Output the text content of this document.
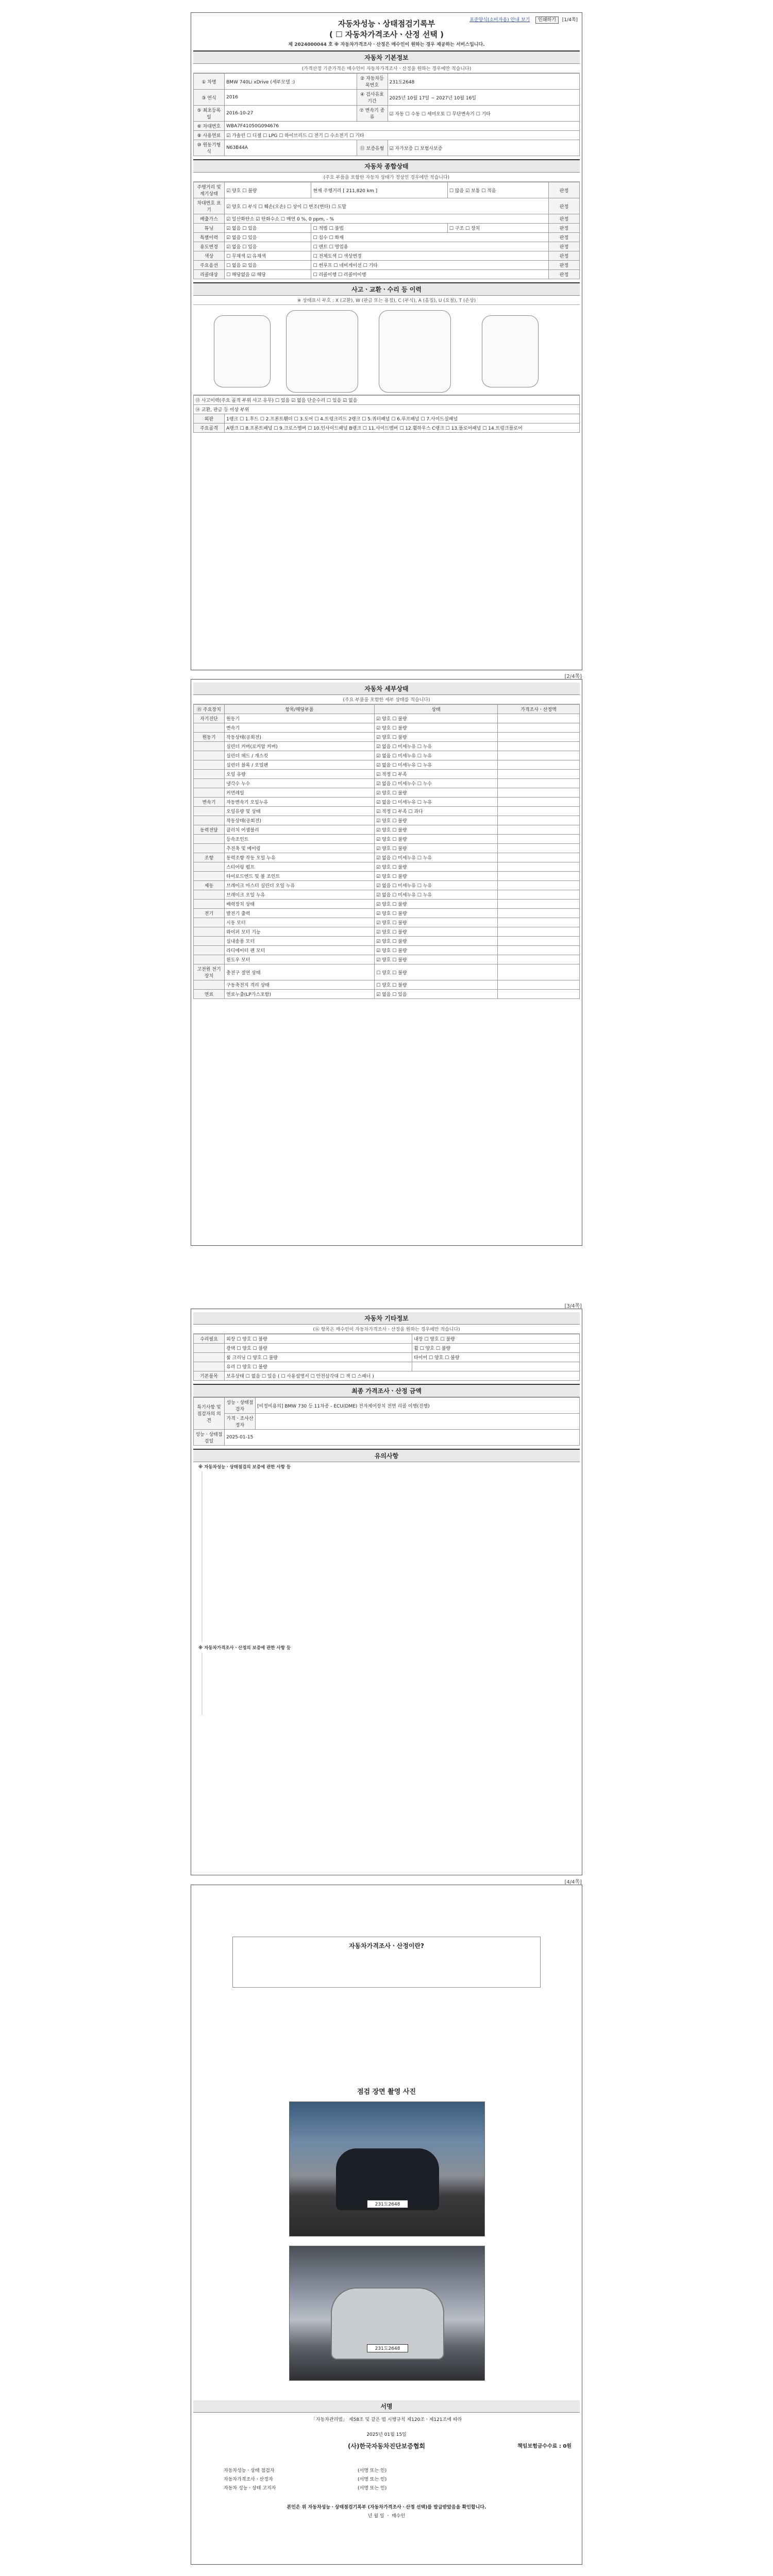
표준양식(소비자용) 안내 보기 인쇄하기 [1/4쪽]
자동차성능ㆍ상태점검기록부
( ☐ 자동차가격조사ㆍ산정 선택 )
제 2024000044 호 ※ 자동차가격조사ㆍ산정은 매수인이 원하는 경우 제공하는 서비스입니다.
자동차 기본정보
(가격산정 기준가격은 매수인이 자동차가격조사ㆍ산정을 원하는 경우에만 적습니다)
① 차명	BMW 740Li xDrive (세부모델 :)	② 자동차등록번호	231도2648
③ 연식	2016	④ 검사유효기간	2025년 10월 17일 ~ 2027년 10월 16일
⑤ 최초등록일	2016-10-27	⑦ 변속기 종류	☑ 자동 ☐ 수동 ☐ 세미오토 ☐ 무단변속기 ☐ 기타
⑥ 차대번호	WBA7F41050G094676		
⑧ 사용연료	☑ 가솔린 ☐ 디젤 ☐ LPG ☐ 하이브리드 ☐ 전기 ☐ 수소전기 ☐ 기타		
⑩ 원동기형식	N63B44A	⑪ 보증유형	☑ 자가보증 ☐ 보험사보증
자동차 종합상태
(주요 부품을 포함한 자동차 상태가 정상인 경우에만 적습니다)
주행거리 및 계기상태	☑ 양호 ☐ 불량	현재 주행거리 [ 211,820 km ]	☐ 많음 ☑ 보통 ☐ 적음	판정
차대번호 표기	☑ 양호 ☐ 부식 ☐ 훼손(오손) ☐ 상이 ☐ 변조(변타) ☐ 도말			판정
배출가스	☑ 일산화탄소 ☑ 탄화수소 ☐ 매연 0 %, 0 ppm, - %			판정
튜닝	☑ 없음 ☐ 있음	☐ 적법 ☐ 불법	☐ 구조 ☐ 장치	판정
특별이력	☑ 없음 ☐ 있음	☐ 침수 ☐ 화재		판정
용도변경	☑ 없음 ☐ 있음	☐ 렌트 ☐ 영업용		판정
색상	☐ 무채색 ☑ 유채색	☐ 전체도색 ☐ 색상변경		판정
주요옵션	☐ 없음 ☑ 있음	☐ 썬루프 ☐ 네비게이션 ☐ 기타		판정
리콜대상	☐ 해당없음 ☑ 해당	☐ 리콜이행 ☐ 리콜미이행		판정
사고ㆍ교환ㆍ수리 등 이력
※ 상태표시 부호 : X (교환), W (판금 또는 용접), C (부식), A (흠집), U (요철), T (손상)
⑬ 사고이력(주요 골격 부위 사고 유무) ☐ 있음 ☑ 없음 단순수리 ☐ 있음 ☑ 없음	
⑭ 교환, 판금 등 이상 부위	
외판	1랭크 ☐ 1.후드 ☐ 2.프론트휀더 ☐ 3.도어 ☐ 4.트렁크리드 2랭크 ☐ 5.쿼터패널 ☐ 6.루프패널 ☐ 7.사이드실패널
주요골격	A랭크 ☐ 8.프론트패널 ☐ 9.크로스멤버 ☐ 10.인사이드패널 B랭크 ☐ 11.사이드멤버 ☐ 12.휠하우스 C랭크 ☐ 13.플로어패널 ☐ 14.트렁크플로어
[2/4쪽]
자동차 세부상태
(주요 부품을 포함한 세부 상태를 적습니다)
⑮ 주요장치	항목/해당부품	상태	가격조사ㆍ산정액
자기진단	원동기	☑ 양호 ☐ 불량	
	변속기	☑ 양호 ☐ 불량	
원동기	작동상태(공회전)	☑ 양호 ☐ 불량	
	실린더 커버(로커암 커버)	☑ 없음 ☐ 미세누유 ☐ 누유	
	실린더 헤드 / 개스킷	☑ 없음 ☐ 미세누유 ☐ 누유	
	실린더 블록 / 오일팬	☑ 없음 ☐ 미세누유 ☐ 누유	
	오일 유량	☑ 적정 ☐ 부족	
	냉각수 누수	☑ 없음 ☐ 미세누수 ☐ 누수	
	커먼레일	☑ 양호 ☐ 불량	
변속기	자동변속기 오일누유	☑ 없음 ☐ 미세누유 ☐ 누유	
	오일유량 및 상태	☑ 적정 ☐ 부족 ☐ 과다	
	작동상태(공회전)	☑ 양호 ☐ 불량	
동력전달	클러치 어셈블리	☑ 양호 ☐ 불량	
	등속조인트	☑ 양호 ☐ 불량	
	추진축 및 베어링	☑ 양호 ☐ 불량	
조향	동력조향 작동 오일 누유	☑ 없음 ☐ 미세누유 ☐ 누유	
	스티어링 펌프	☑ 양호 ☐ 불량	
	타이로드엔드 및 볼 조인트	☑ 양호 ☐ 불량	
제동	브레이크 마스터 실린더 오일 누유	☑ 없음 ☐ 미세누유 ☐ 누유	
	브레이크 오일 누유	☑ 없음 ☐ 미세누유 ☐ 누유	
	배력장치 상태	☑ 양호 ☐ 불량	
전기	발전기 출력	☑ 양호 ☐ 불량	
	시동 모터	☑ 양호 ☐ 불량	
	와이퍼 모터 기능	☑ 양호 ☐ 불량	
	실내송풍 모터	☑ 양호 ☐ 불량	
	라디에이터 팬 모터	☑ 양호 ☐ 불량	
	윈도우 모터	☑ 양호 ☐ 불량	
고전원 전기장치	충전구 절연 상태	☐ 양호 ☐ 불량	
	구동축전지 격리 상태	☐ 양호 ☐ 불량	
연료	연료누출(LP가스포함)	☑ 없음 ☐ 있음	
[3/4쪽]
자동차 기타정보
(⑯ 항목은 매수인이 자동차가격조사ㆍ산정을 원하는 경우에만 적습니다)
수리필요	외장 ☐ 양호 ☐ 불량	내장 ☐ 양호 ☐ 불량
	광택 ☐ 양호 ☐ 불량	휠 ☐ 양호 ☐ 불량
	룸 크리닝 ☐ 양호 ☐ 불량	타이어 ☐ 양호 ☐ 불량
	유리 ☐ 양호 ☐ 불량	
기본품목	보유상태 ☐ 없음 ☐ 있음 ( ☐ 사용설명서 ☐ 안전삼각대 ☐ 잭 ☐ 스패너 )	
최종 가격조사ㆍ산정 금액
특기사항 및 점검자의 의견	성능ㆍ상태점검자	[비정비용의] BMW 730 등 11차종 - ECU(DME) 전자제어장치 전면 리콜 이행(진행)
	가격ㆍ조사산정자	
성능ㆍ상태점검일	2025-01-15	
유의사항

※ 자동차성능ㆍ상태점검의 보증에 관한 사항 등

※ 자동차가격조사ㆍ산정의 보증에 관한 사항 등

[4/4쪽]
자동차가격조사ㆍ산정이란?
점검 장면 촬영 사진
231도2648
231도2648
서명
「자동차관리법」 제58조 및 같은 법 시행규칙 제120조ㆍ제121조에 따라
2025년 01월 15일
(사)한국자동차진단보증협회	책임보험금수수료 : 0원
자동차성능ㆍ상태 점검자	(서명 또는 인)
자동차가격조사ㆍ산정자	(서명 또는 인)
자동차 성능ㆍ상태 고지자	(서명 또는 인)
본인은 위 자동차성능ㆍ상태점검기록부 (자동차가격조사ㆍ산정 선택)를 발급받았음을 확인합니다.
년 월 일 ㆍ 매수인
